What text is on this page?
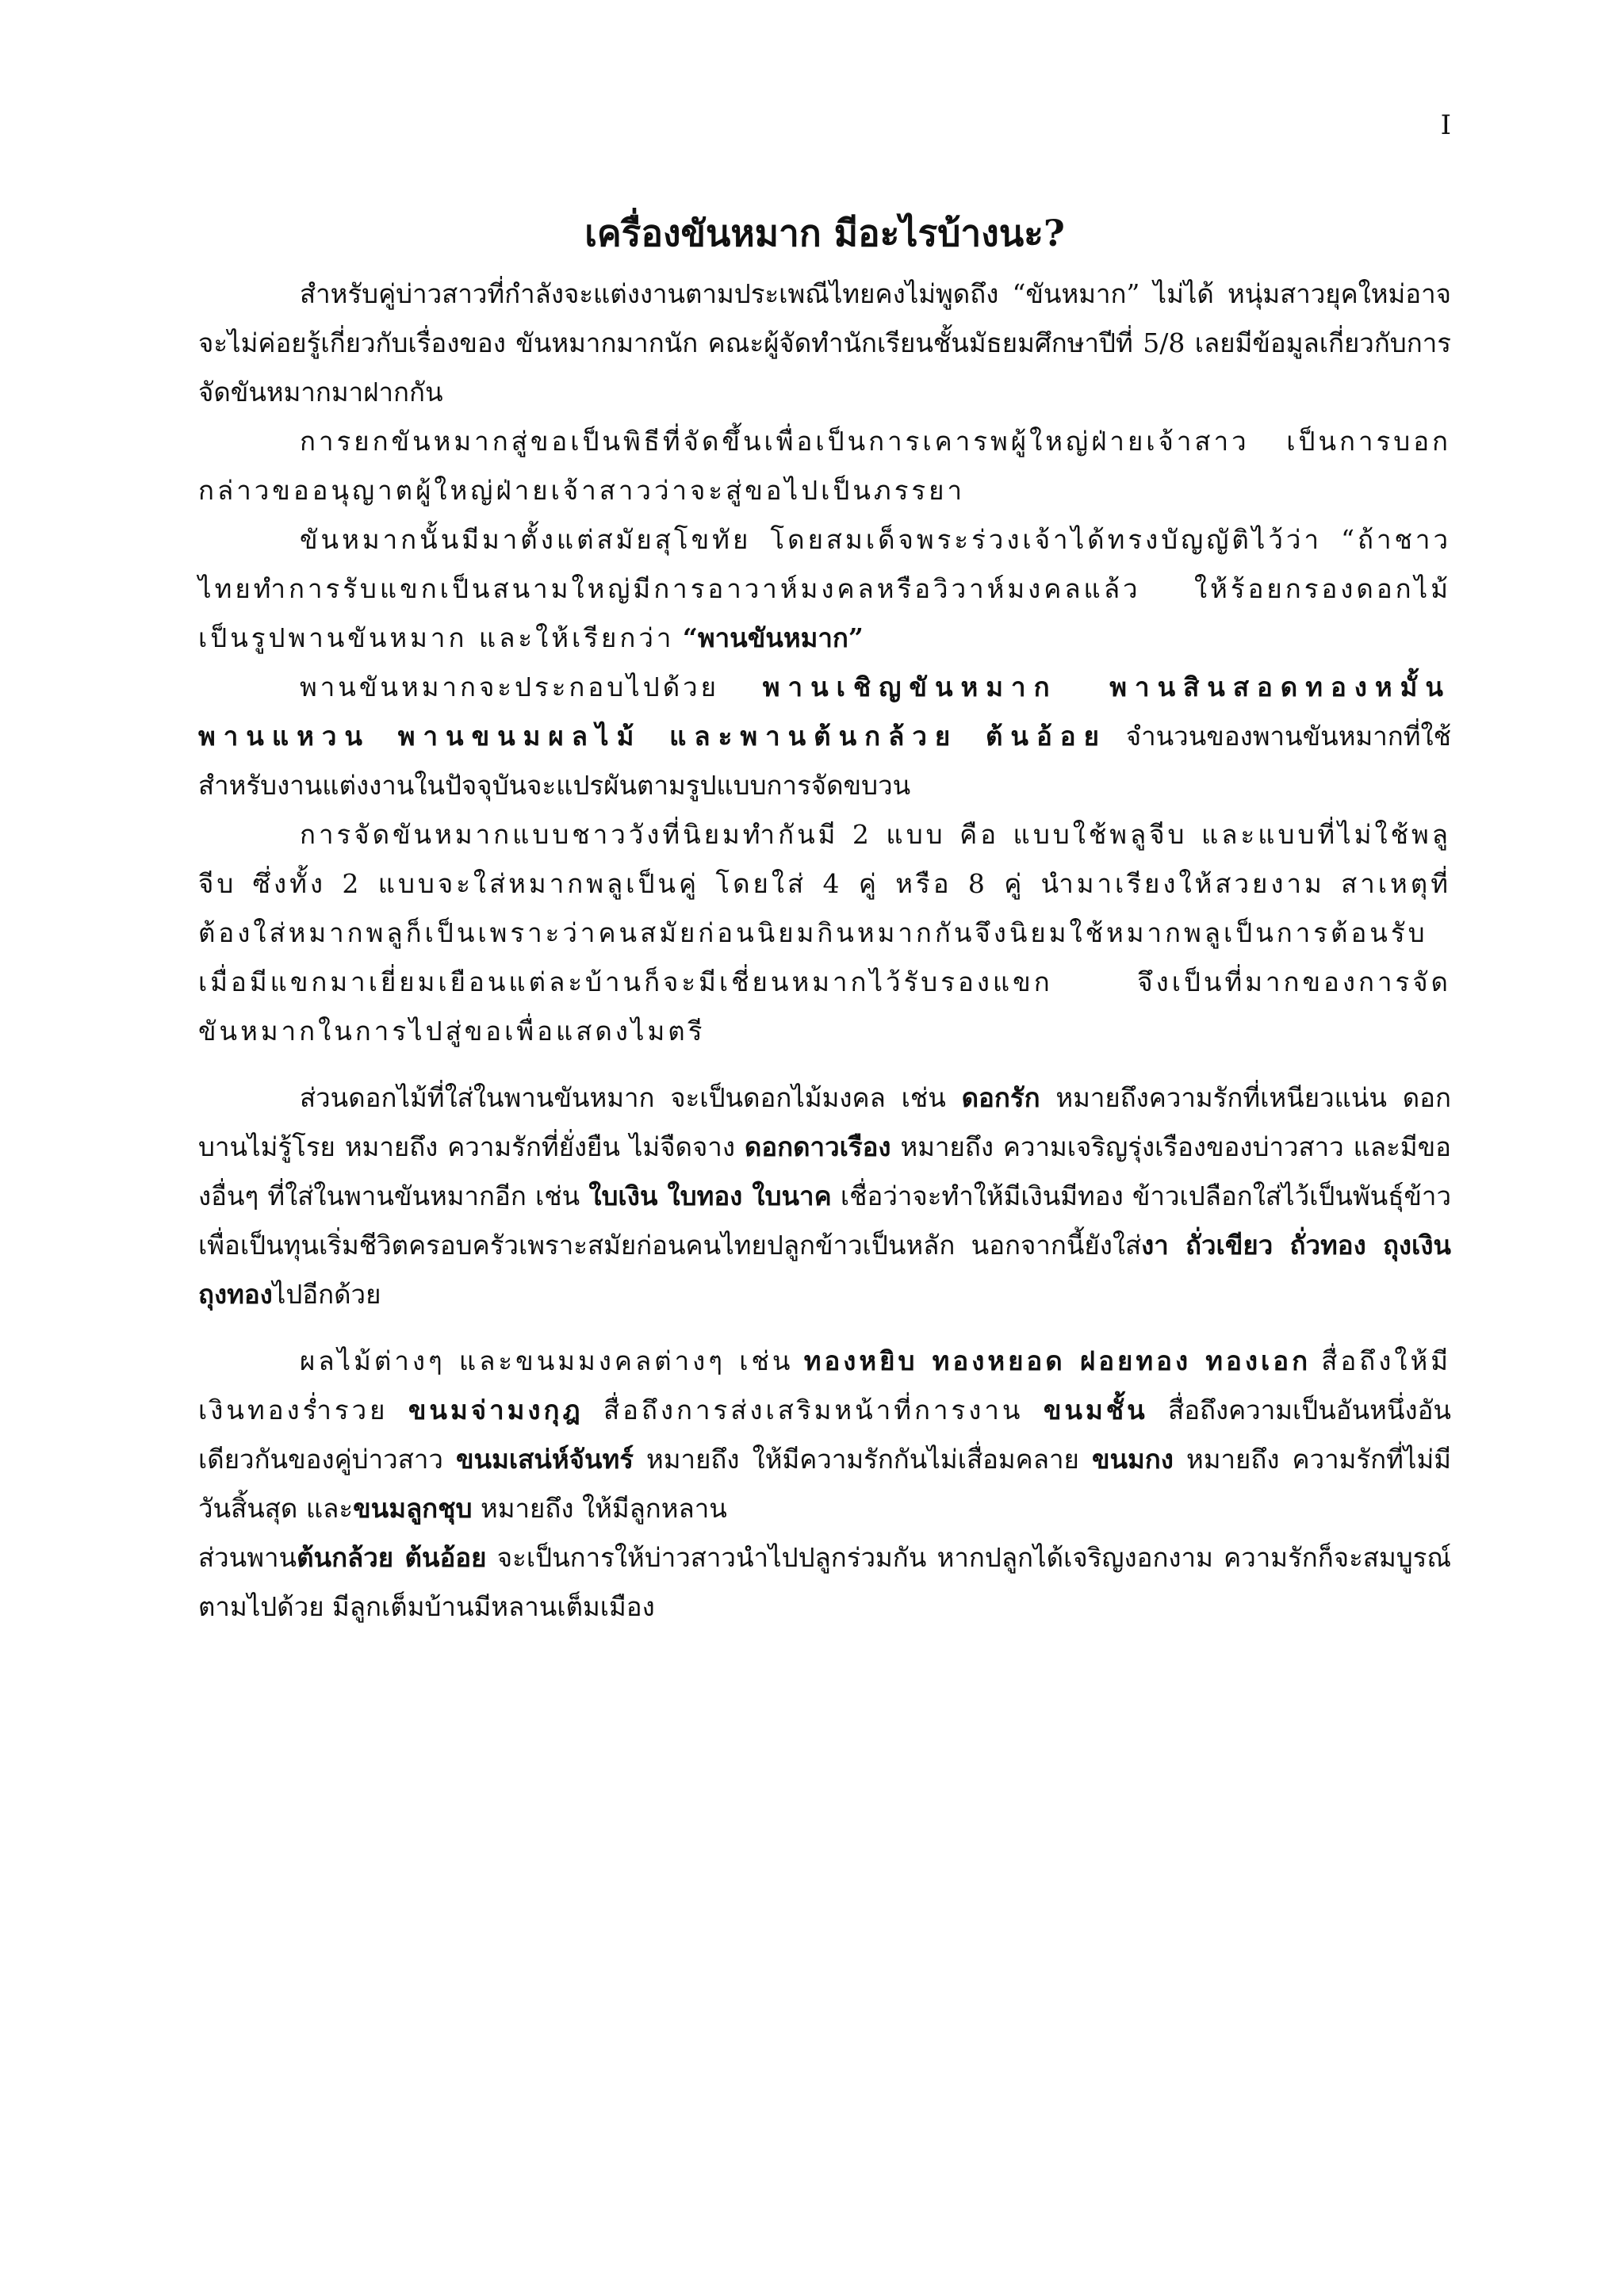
I
เครื่องขันหมาก มีอะไรบ้างนะ?

สำหรับคู่บ่าวสาวที่กำลังจะแต่งงานตามประเพณีไทยคงไม่พูดถึง “ขันหมาก” ไม่ได้ หนุ่มสาวยุคใหม่อาจจะไม่ค่อยรู้เกี่ยวกับเรื่องของ ขันหมากมากนัก คณะผู้จัดทำนักเรียนชั้นมัธยมศึกษาปีที่ 5/8 เลยมีข้อมูลเกี่ยวกับการจัดขันหมากมาฝากกัน

การยกขันหมากสู่ขอเป็นพิธีที่จัดขึ้นเพื่อเป็นการเคารพผู้ใหญ่ฝ่ายเจ้าสาว เป็นการบอกกล่าวขออนุญาตผู้ใหญ่ฝ่ายเจ้าสาวว่าจะสู่ขอไปเป็นภรรยา

ขันหมากนั้นมีมาตั้งแต่สมัยสุโขทัย โดยสมเด็จพระร่วงเจ้าได้ทรงบัญญัติไว้ว่า “ถ้าชาวไทยทำการรับแขกเป็นสนามใหญ่มีการอาวาห์มงคลหรือวิวาห์มงคลแล้ว ให้ร้อยกรองดอกไม้เป็นรูปพานขันหมาก และให้เรียกว่า “พานขันหมาก”

พานขันหมากจะประกอบไปด้วย พานเชิญขันหมาก พานสินสอดทองหมั้น พานแหวน พานขนมผลไม้ และพานต้นกล้วย ต้นอ้อย จำนวนของพานขันหมากที่ใช้สำหรับงานแต่งงานในปัจจุบันจะแปรผันตามรูปแบบการจัดขบวน

การจัดขันหมากแบบชาววังที่นิยมทำกันมี 2 แบบ คือ แบบใช้พลูจีบ และแบบที่ไม่ใช้พลูจีบ ซึ่งทั้ง 2 แบบจะใส่หมากพลูเป็นคู่ โดยใส่ 4 คู่ หรือ 8 คู่ นำมาเรียงให้สวยงาม สาเหตุที่ต้องใส่หมากพลูก็เป็นเพราะว่าคนสมัยก่อนนิยมกินหมากกันจึงนิยมใช้หมากพลูเป็นการต้อนรับ เมื่อมีแขกมาเยี่ยมเยือนแต่ละบ้านก็จะมีเชี่ยนหมากไว้รับรองแขก จึงเป็นที่มากของการจัดขันหมากในการไปสู่ขอเพื่อแสดงไมตรี

ส่วนดอกไม้ที่ใส่ในพานขันหมาก จะเป็นดอกไม้มงคล เช่น ดอกรัก หมายถึงความรักที่เหนียวแน่น ดอกบานไม่รู้โรย หมายถึง ความรักที่ยั่งยืน ไม่จืดจาง ดอกดาวเรือง หมายถึง ความเจริญรุ่งเรืองของบ่าวสาว และมีของอื่นๆ ที่ใส่ในพานขันหมากอีก เช่น ใบเงิน ใบทอง ใบนาค เชื่อว่าจะทำให้มีเงินมีทอง ข้าวเปลือกใส่ไว้เป็นพันธุ์ข้าวเพื่อเป็นทุนเริ่มชีวิตครอบครัวเพราะสมัยก่อนคนไทยปลูกข้าวเป็นหลัก นอกจากนี้ยังใส่งา ถั่วเขียว ถั่วทอง ถุงเงิน ถุงทองไปอีกด้วย

ผลไม้ต่างๆ และขนมมงคลต่างๆ เช่น ทองหยิบ ทองหยอด ฝอยทอง ทองเอก สื่อถึงให้มีเงินทองร่ำรวย ขนมจ่ามงกุฎ สื่อถึงการส่งเสริมหน้าที่การงาน ขนมชั้น สื่อถึงความเป็นอันหนึ่งอันเดียวกันของคู่บ่าวสาว ขนมเสน่ห์จันทร์ หมายถึง ให้มีความรักกันไม่เสื่อมคลาย ขนมกง หมายถึง ความรักที่ไม่มีวันสิ้นสุด และขนมลูกชุบ หมายถึง ให้มีลูกหลาน

ส่วนพานต้นกล้วย ต้นอ้อย จะเป็นการให้บ่าวสาวนำไปปลูกร่วมกัน หากปลูกได้เจริญงอกงาม ความรักก็จะสมบูรณ์ ตามไปด้วย มีลูกเต็มบ้านมีหลานเต็มเมือง
